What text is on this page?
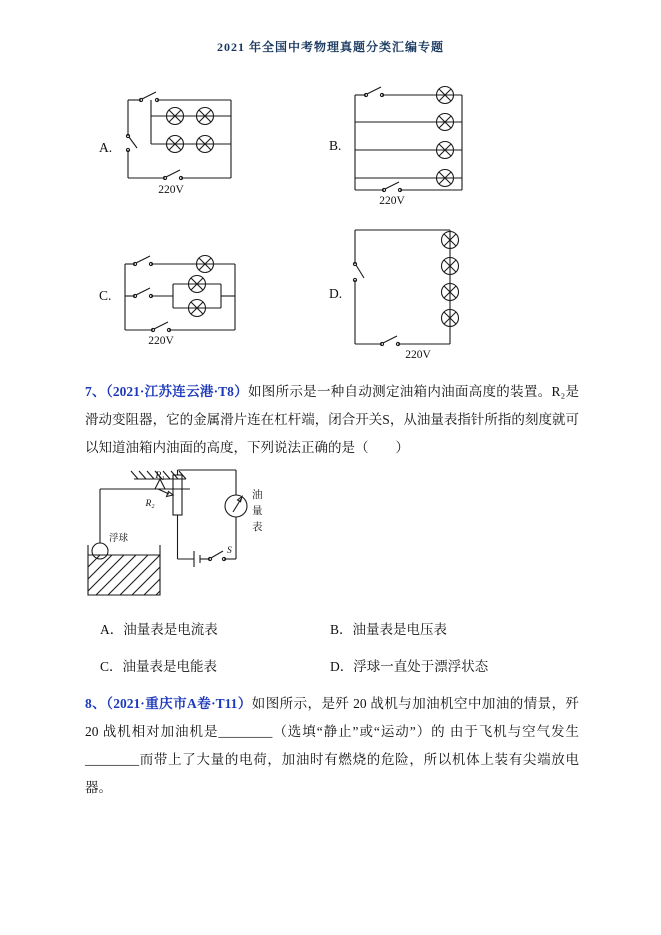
2021 年全国中考物理真题分类汇编专题
A.
220V
B.
220V
C.
220V
D.
220V

7、（2021·江苏连云港·T8）如图所示是一种自动测定油箱内油面高度的装置。R₂是滑动变阻器，它的金属滑片连在杠杆端，闭合开关S，从油量表指针所指的刻度就可以知道油箱内油面的高度，下列说法正确的是（　　）

R₁
R₂
油
量
表
S
浮球
A．油量表是电流表	B．油量表是电压表
C．油量表是电能表	D．浮球一直处于漂浮状态

8、（2021·重庆市A卷·T11）如图所示，是歼 20 战机与加油机空中加油的情景，歼 20 战机相对加油机是________（选填“静止”或“运动”）的 由于飞机与空气发生________而带上了大量的电荷，加油时有燃烧的危险，所以机体上装有尖端放电器。
